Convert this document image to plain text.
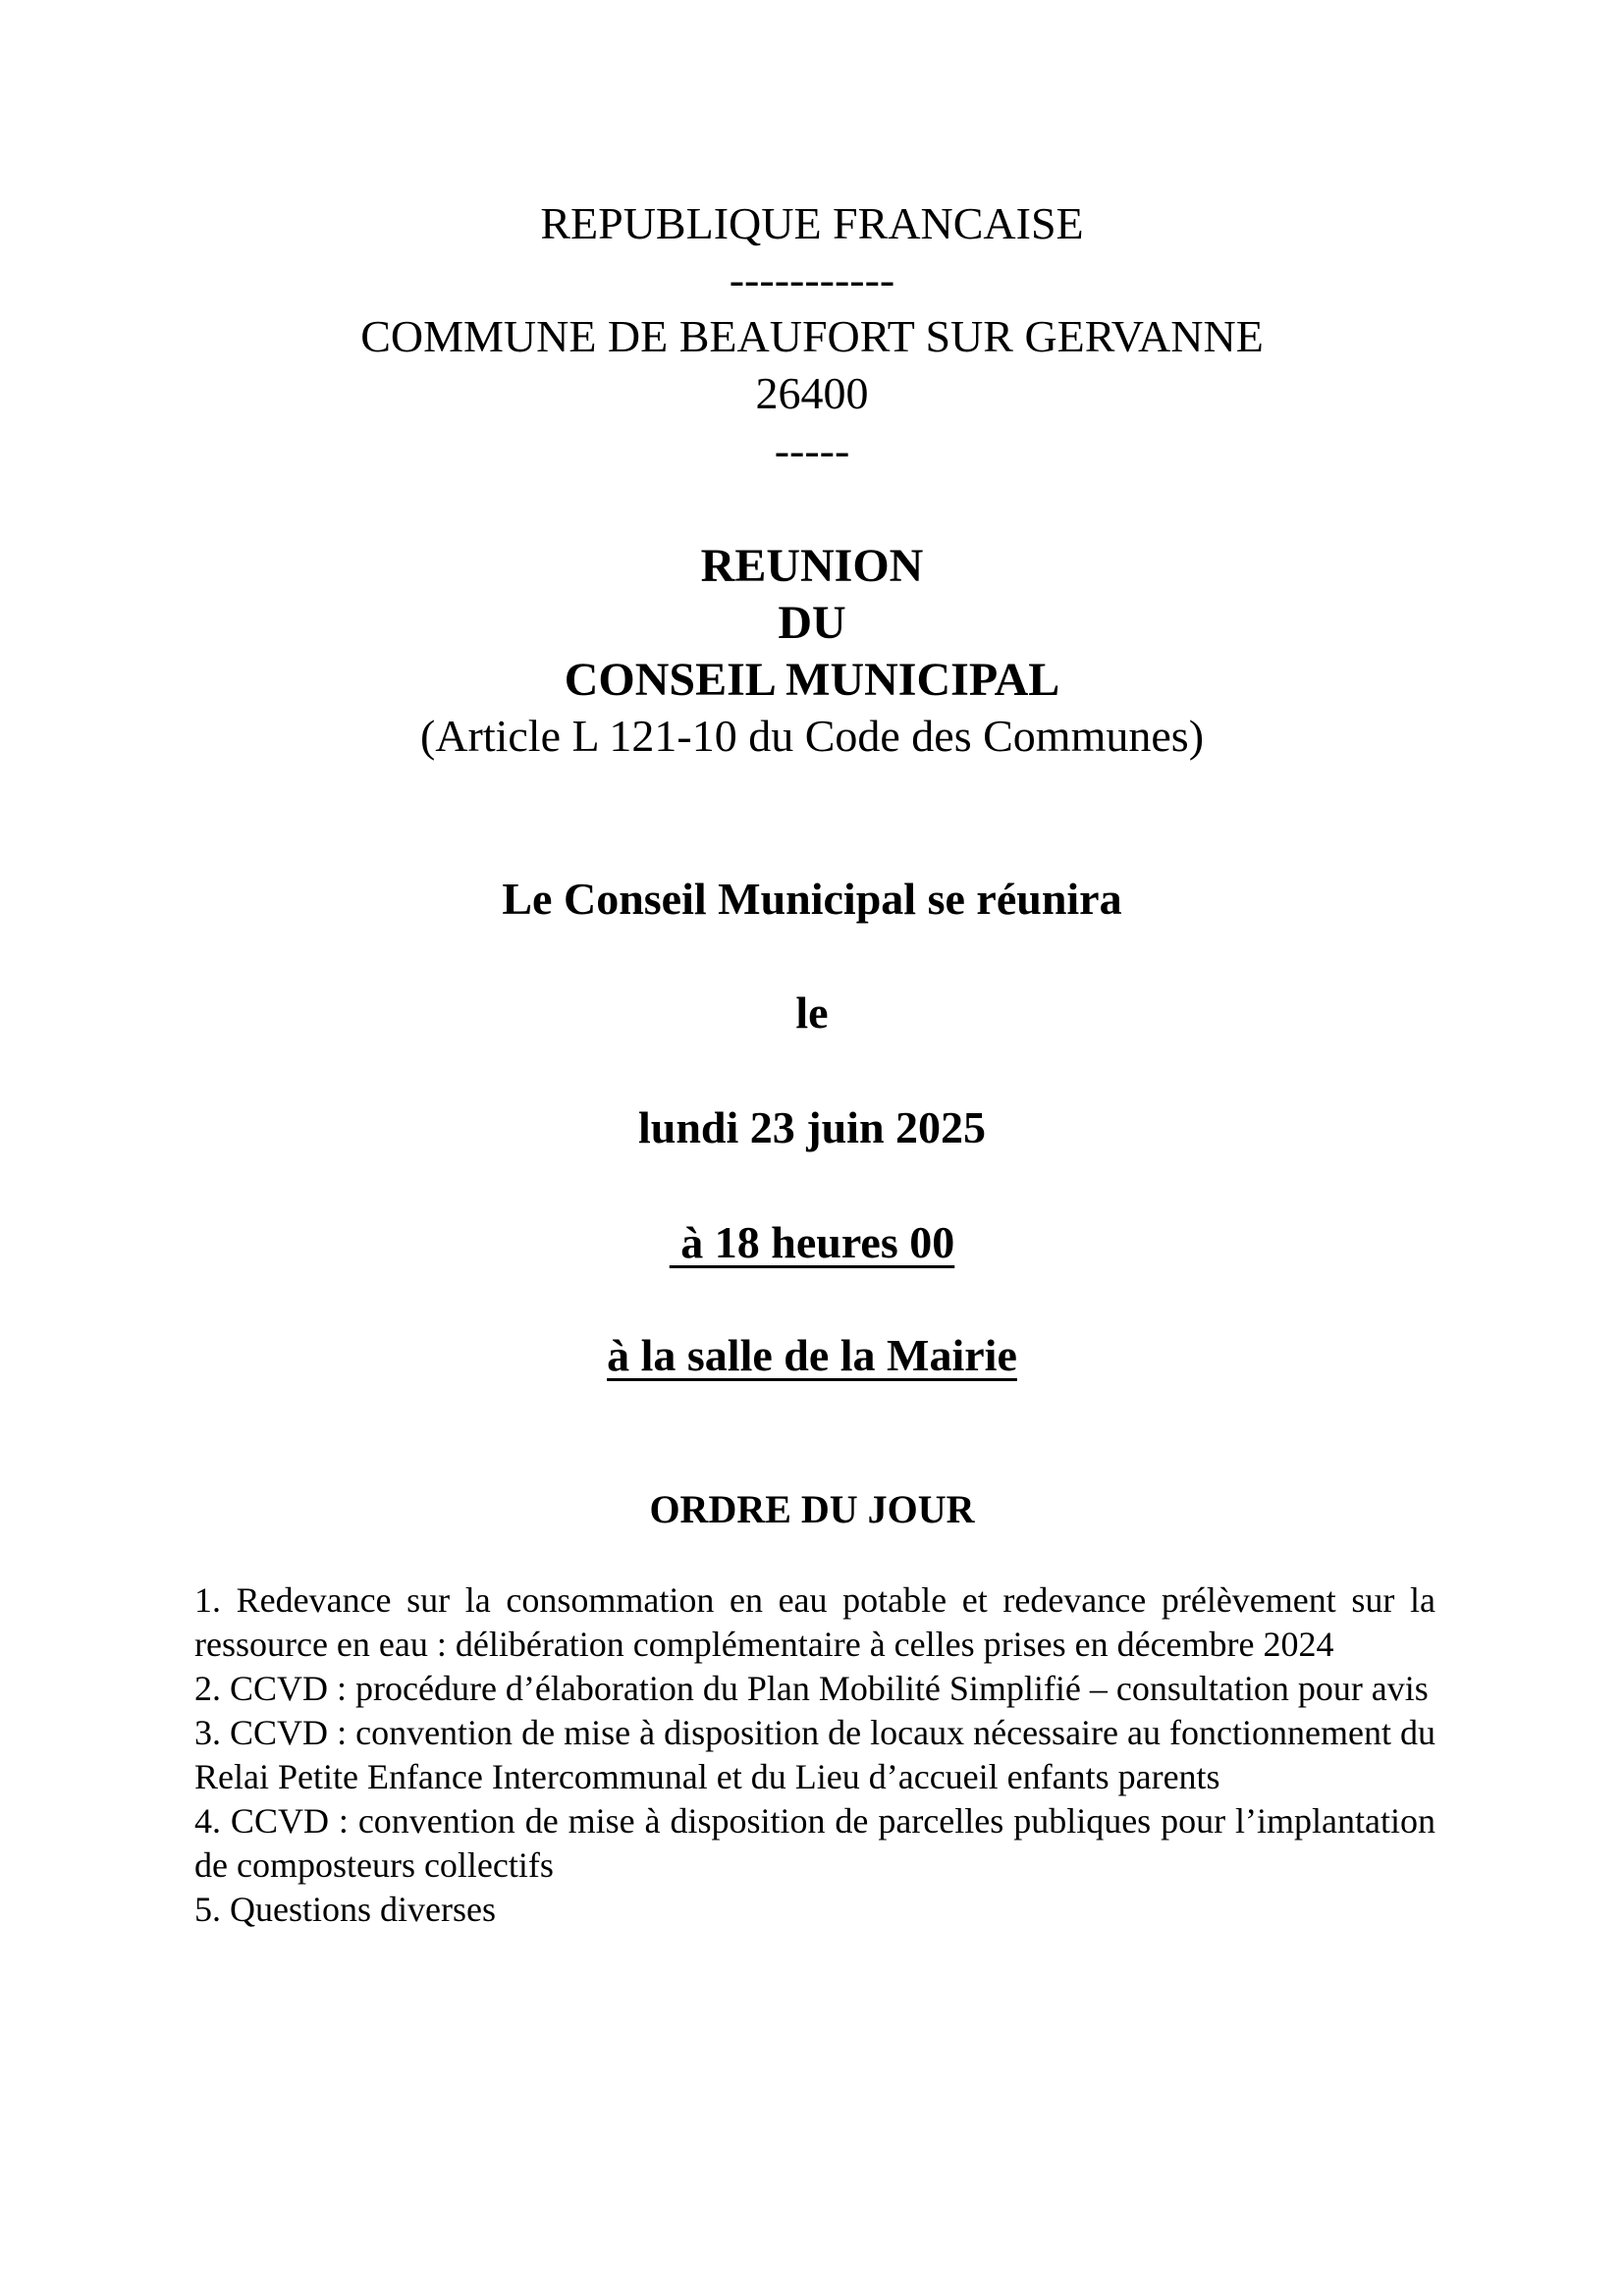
REPUBLIQUE FRANCAISE
-----------
COMMUNE DE BEAUFORT SUR GERVANNE
26400
-----
REUNION
DU
CONSEIL MUNICIPAL
(Article L 121-10 du Code des Communes)
Le Conseil Municipal se réunira
le
lundi 23 juin 2025
à 18 heures 00
à la salle de la Mairie
ORDRE DU JOUR

1. Redevance sur la consommation en eau potable et redevance prélèvement sur la ressource en eau : délibération complémentaire à celles prises en décembre 2024

2. CCVD : procédure d’élaboration du Plan Mobilité Simplifié – consultation pour avis

3. CCVD : convention de mise à disposition de locaux nécessaire au fonctionnement du Relai Petite Enfance Intercommunal et du Lieu d’accueil enfants parents

4. CCVD : convention de mise à disposition de parcelles publiques pour l’implantation de composteurs collectifs

5. Questions diverses
